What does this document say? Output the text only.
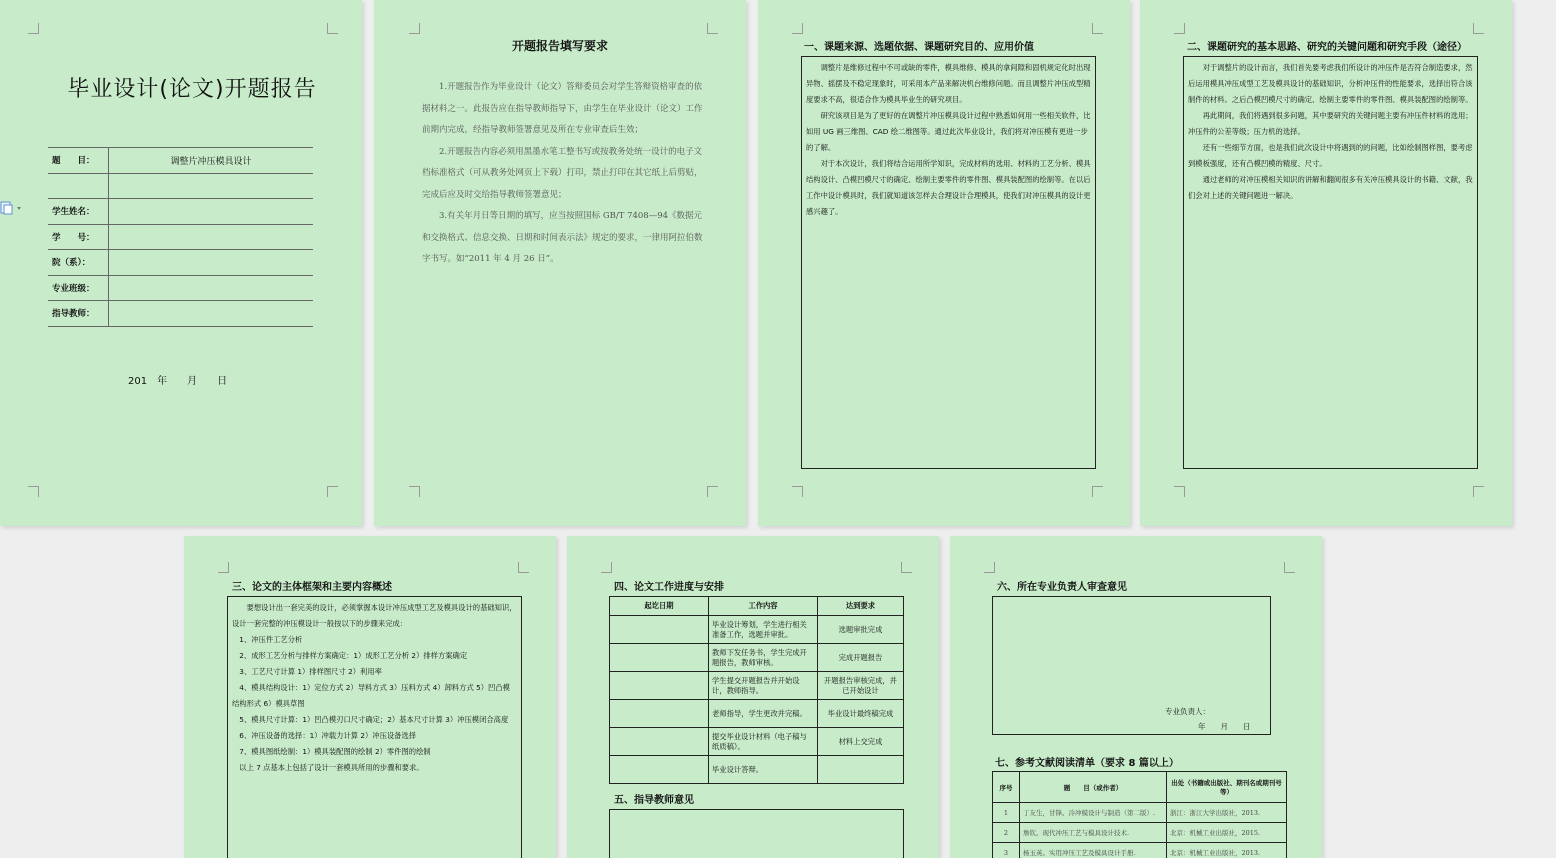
毕业设计(论文)开题报告
题　　目：	调整片冲压模具设计

学生姓名：	
学　　号：	
院（系）：	
专业班级：	
指导教师：	
201　年　　月　　日
开题报告填写要求

1.开题报告作为毕业设计（论文）答辩委员会对学生答辩资格审查的依据材料之一。此报告应在指导教师指导下，由学生在毕业设计（论文）工作前期内完成，经指导教师签署意见及所在专业审查后生效；

2.开题报告内容必须用黑墨水笔工整书写或按教务处统一设计的电子文档标准格式（可从教务处网页上下载）打印，禁止打印在其它纸上后剪贴，完成后应及时交给指导教师签署意见；

3.有关年月日等日期的填写，应当按照国标 GB/T 7408—94《数据元和交换格式、信息交换、日期和时间表示法》规定的要求，一律用阿拉伯数字书写。如“2011 年 4 月 26 日”。

一、课题来源、选题依据、课题研究目的、应用价值

调整片是维修过程中不可或缺的零件，模具维修、模具的拿间隙和固机规定化时出现异物、摇摆及不稳定现象时，可采用本产品来解决机台维修问题。而且调整片冲压成型精度要求不高，很适合作为模具毕业生的研究项目。

研究该项目是为了更好的在调整片冲压模具设计过程中熟悉如何用一些相关软件，比如用 UG 画三维图、CAD 绘二维图等。通过此次毕业设计，我们将对冲压模有更进一步的了解。

对于本次设计，我们将结合运用所学知识，完成材料的选用、材料的工艺分析、模具结构设计、凸模凹模尺寸的确定、绘制主要零件的零件图、模具装配图的绘制等。在以后工作中设计模具时，我们就知道该怎样去合理设计合理模具，使我们对冲压模具的设计更感兴趣了。

二、课题研究的基本思路、研究的关键问题和研究手段（途径）

对于调整片的设计而言，我们首先要考虑我们所设计的冲压件是否符合制造要求，然后运用模具冲压成型工艺及模具设计的基础知识，分析冲压件的性能要求，选择出符合该制件的材料。之后凸模凹模尺寸的确定、绘制主要零件的零件图、模具装配图的绘制等。

再此期间，我们将遇到很多问题，其中要研究的关键问题主要有冲压件材料的选用；冲压件的公差等级；压力机的选择。

还有一些细节方面，也是我们此次设计中将遇到的的问题，比如绘制图样图，要考虑到模板强度，还有凸模凹模的精度、尺寸。

通过老师的对冲压模相关知识的讲解和翻阅很多有关冲压模具设计的书籍、文献，我们会对上述的关键问题进一解决。

三、论文的主体框架和主要内容概述

要想设计出一套完美的设计，必须掌握本设计冲压成型工艺及模具设计的基础知识，设计一套完整的冲压模设计一般按以下的步骤来完成：

1、冲压件工艺分析

2、成形工艺分析与排样方案确定：1）成形工艺分析 2）排样方案确定

3、工艺尺寸计算 1）排样图尺寸 2）利用率

4、模具结构设计：1）定位方式 2）导料方式 3）压料方式 4）卸料方式 5）凹凸模结构形式 6）模具草图

5、模具尺寸计算：1）凹凸模刃口尺寸确定；2）基本尺寸计算 3）冲压模闭合高度

6、冲压设备的选择：1）冲载力计算 2）冲压设备选择

7、模具图纸绘制：1）模具装配图的绘制 2）零件图的绘制

以上 7 点基本上包括了设计一套模具所用的步骤和要求。

四、论文工作进度与安排
起讫日期	工作内容	达到要求
	毕业设计筹划，学生进行相关准备工作，选题并审批。	选题审批完成
	教师下发任务书，学生完成开题报告，教师审核。	完成开题报告
	学生提交开题报告并开始设计，教师指导。	开题报告审核完成，并已开始设计
	老师指导，学生更改并完稿。	毕业设计最终稿完成
	提交毕业设计材料（电子稿与纸质稿）。	材料上交完成
	毕业设计答辩。	
五、指导教师意见
六、所在专业负责人审查意见
专业负责人：
年　　月　　日
七、参考文献阅读清单（要求 8 篇以上）
序号	题　　目（或作者）	出处（书籍或出版社、期刊名或期刊号等）
1	丁友生，甘锋。冷冲模设计与制造（第二版）.	浙江：浙江大学出版社，2013.
2	詹钦。现代冲压工艺与模具设计技术.	北京：机械工业出版社，2015.
3	杨玉英。实用冲压工艺及模具设计手册.	北京：机械工业出版社，2013.
